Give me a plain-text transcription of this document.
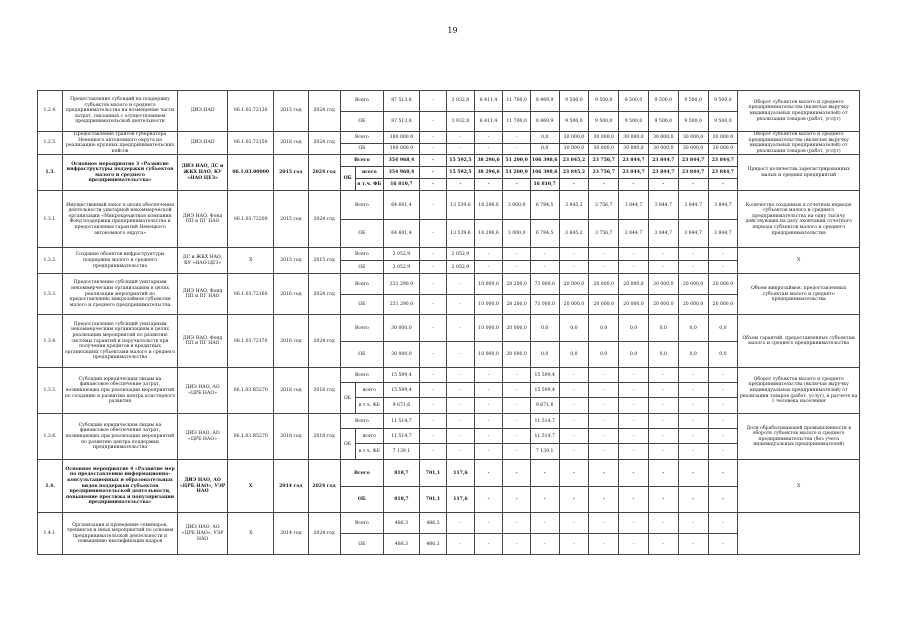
19
1.2.4.	Предоставление субсидий на поддержку субъектов малого и среднего предпринимательства на возмещение части затрат, связанных с осуществлением предпринимательской деятельности	ДИЭ НАО	06.1.02.72130	2015 год	2024 год	Всего		87 513,8	-	3 932,8	6 411,4	11 700,0	8 469,9	9 500,0	9 500,0	9 500,0	9 500,0	9 500,0	9 500,0	Оборот субъектов малого и среднего предпринимательства (включая выручку индивидуальных предпринимателей) от реализации товаров (работ, услуг)
						ОБ		87 513,8	-	3 932,8	6 411,4	11 700,0	8 469,9	9 500,0	9 500,0	9 500,0	9 500,0	9 500,0	9 500,0	
1.2.5.	Предоставление грантов губернатора Ненецкого автономного округа на реализацию крупных предпринимательских кейсов	ДИЭ НАО	06.1.02.72150	2018 год	2024 год	Всего		180 000,0	-	-	-	-	0,0	30 000,0	30 000,0	30 000,0	30 000,0	30 000,0	30 000,0	Оборот субъектов малого и среднего предпринимательства (включая выручку индивидуальных предпринимателей) от реализации товаров (работ, услуг)
						ОБ		180 000,0	-	-	-	-	0,0	30 000,0	30 000,0	30 000,0	30 000,0	30 000,0	30 000,0	
1.3.	Основное мероприятие 3 «Развитие инфраструктуры поддержки субъектов малого и среднего предпринимательства»	ДИЭ НАО, ДС и ЖКХ НАО, КУ «НАО ЦЕЗ»	06.1.03.00000	2015 год	2024 год	Всего		354 968,4	-	15 592,5	38 296,6	51 200,0	106 398,6	23 845,2	23 756,7	23 844,7	23 844,7	23 844,7	23 844,7	Прирост количества зарегистрированных малых и средних предприятий
						ОБ	всего	354 968,4	-	15 592,5	38 296,6	51 200,0	106 398,6	23 845,2	23 756,7	23 844,7	23 844,7	23 844,7	23 844,7	
							в т.ч. ФБ	16 810,7	-	-	-	-	16 810,7	-	-	-	-	-	-	
1.3.1.	Имущественный взнос в целях обеспечения деятельности унитарной некоммерческой организации «Микрокредитная компания Фонд поддержки предпринимательства и предоставления гарантий Ненецкого автономного округа»	ДИЭ НАО, Фонд ПП и ПГ НАО	06.1.03.72200	2015 год	2024 год	Всего		64 601,4	-	13 539,6	18 296,6	3 000,0	6 784,5	3 845,2	3 756,7	3 844,7	3 844,7	3 844,7	3 844,7	Количество созданных в отчетном периоде субъектов малого и среднего предпринимательства на одну тысячу действующих на дату окончания отчетного периода субъектов малого и среднего предпринимательства
						ОБ		64 601,4	-	13 539,6	18 296,6	3 000,0	6 784,5	3 845,2	3 756,7	3 844,7	3 844,7	3 844,7	3 844,7	
1.3.2.	Создание объектов инфраструктуры поддержки малого и среднего предпринимательства	ДС и ЖКХ НАО, КУ «НАО ЦЕЗ»	Х	2015 год	2015 год	Всего		2 052,9	-	2 052,9	-	-	-	-	-	-	-	-	-	Х
						ОБ		2 052,9	-	2 052,9	-	-	-	-	-	-	-	-	-	
1.3.3.	Предоставление субсидий унитарным некоммерческим организациям в целях реализации мероприятий по предоставлению микрозаймов субъектам малого и среднего предпринимательства	ДИЭ НАО, Фонд ПП и ПГ НАО	06.1.03.72160	2016 год	2024 год	Всего		231 290,0	-	-	10 000,0	28 200,0	73 000,0	20 000,0	20 000,0	20 000,0	20 000,0	20 000,0	20 000,0	Объем микрозаймов, предоставленных субъектам малого и среднего предпринимательства
						ОБ		231 290,0	-	-	10 000,0	28 200,0	73 000,0	20 000,0	20 000,0	20 000,0	20 000,0	20 000,0	20 000,0	
1.3.4.	Предоставление субсидий унитарным некоммерческим организациям в целях реализации мероприятий по развитию системы гарантий и поручительств при получении кредитов в кредитных организациях субъектами малого и среднего предпринимательства	ДИЭ НАО, Фонд ПП и ПГ НАО	06.1.03.72170	2016 год	2024 год	Всего		30 000,0	-	-	10 000,0	20 000,0	0,0	0,0	0,0	0,0	0,0	0,0	0,0	Объем гарантий, предоставленных субъектам малого и среднего предпринимательства
						ОБ		30 000,0	-	-	10 000,0	20 000,0	0,0	0,0	0,0	0,0	0,0	0,0	0,0	
1.3.5.	Субсидии юридическим лицам на финансовое обеспечение затрат, возникающих при реализации мероприятий по созданию и развитию центра кластерного развития	ДИЭ НАО, АО «ЦРБ НАО»	06.1.03.R5270	2018 год	2018 год	Всего		15 599,4	-	-	-	-	15 599,4	-	-	-	-	-	-	Оборот субъектов малого и среднего предпринимательства (включая выручку индивидуальных предпринимателей) от реализации товаров (работ, услуг), в расчете на 1 человека населения
						ОБ	всего	15 599,4	-	-	-	-	15 599,4	-	-	-	-	-	-	
							в т.ч. ФБ	9 671,6	-	-	-	-	9 671,6	-	-	-	-	-	-	
1.3.6.	Субсидии юридическим лицам на финансовое обеспечение затрат, возникающих при реализации мероприятий по развитию центра поддержки предпринимательства	ДИЭ НАО, АО «ЦРБ НАО»	06.1.03.R5270	2018 год	2018 год	Всего		11 514,7	-	-	-	-	11 514,7	-	-	-	-	-	-	Доля обрабатывающей промышленности в обороте субъектов малого и среднего предпринимательства (без учета индивидуальных предпринимателей)
						ОБ	всего	11 514,7	-	-	-	-	11 514,7	-	-	-	-	-	-	
							в т.ч. ФБ	7 139,1	-	-	-	-	7 139,1	-	-	-	-	-	-	
1.4.	Основное мероприятие 4 «Развитие мер по предоставлению информационно-консультационных и образовательных видов поддержки субъектов предпринимательской деятельности, повышение престижа и популяризации предпринимательства»	ДИЭ НАО, АО «ЦРБ НАО», УЭР НАО	Х	2014 год	2024 год	Всего		818,7	701,1	117,6	-	-	-	-	-	-	-	-	-	Х
						ОБ		818,7	701,1	117,6	-	-	-	-	-	-	-	-	-	
1.4.1.	Организация и проведение семинаров, тренингов и иных мероприятий по основам предпринимательской деятельности и повышению квалификации кадров	ДИЭ НАО, АО «ЦРБ НАО», УЭР НАО	Х	2014 год	2024 год	Всего		486,3	486,3	-	-	-	-	-	-	-	-	-	-	
						ОБ		486,3	486,3	-	-	-	-	-	-	-	-	-	-	
